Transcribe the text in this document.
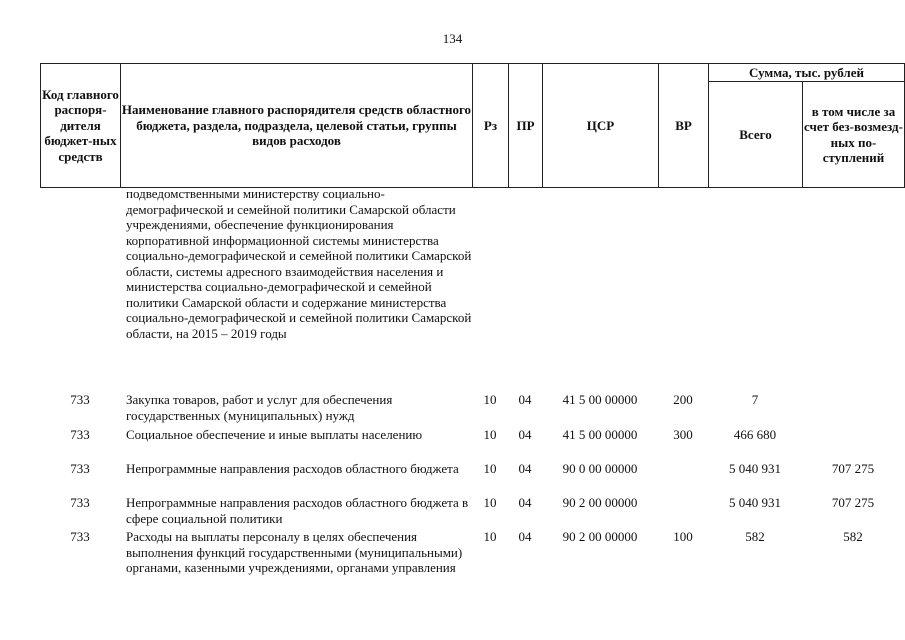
134
Код главного распоря-дителя бюджет-ных средств	Наименование главного распорядителя средств областного бюджета, раздела, подраздела, целевой статьи, группы видов расходов	Рз	ПР	ЦСР	ВР	Сумма, тыс. рублей	
						Всего	в том числе за счет без-возмезд-ных по-ступлений
	подведомственными министерству социально-демографической и семейной политики Самарской области учреждениями, обеспечение функционирования корпоративной информационной системы министерства социально-демографической и семейной политики Самарской области, системы адресного взаимодействия населения и министерства социально-демографической и семейной политики Самарской области и содержание министерства социально-демографической и семейной политики Самарской области, на 2015 – 2019 годы						
733	Закупка товаров, работ и услуг для обеспечения государственных (муниципальных) нужд	10	04	41 5 00 00000	200	7	
733	Социальное обеспечение и иные выплаты населению	10	04	41 5 00 00000	300	466 680	
733	Непрограммные направления расходов областного бюджета	10	04	90 0 00 00000		5 040 931	707 275
733	Непрограммные направления расходов областного бюджета в сфере социальной политики	10	04	90 2 00 00000		5 040 931	707 275
733	Расходы на выплаты персоналу в целях обеспечения выполнения функций государственными (муниципальными) органами, казенными учреждениями, органами управления	10	04	90 2 00 00000	100	582	582
